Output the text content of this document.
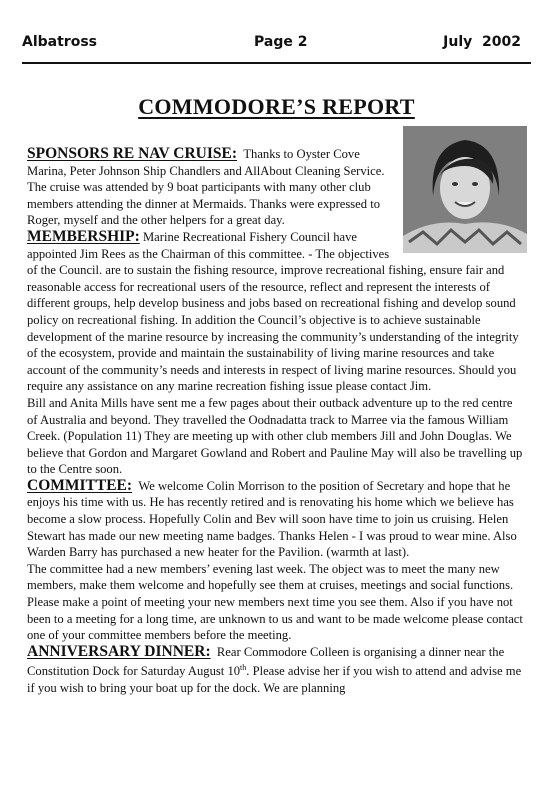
Albatross	Page 2	July  2002
COMMODORE’S REPORT

SPONSORS RE NAV CRUISE: Thanks to Oyster Cove Marina, Peter Johnson Ship Chandlers and AllAbout Cleaning Service. The cruise was attended by 9 boat participants with many other club members attending the dinner at Mermaids. Thanks were expressed to Roger, myself and the other helpers for a great day.

MEMBERSHIP: Marine Recreational Fishery Council have appointed Jim Rees as the Chairman of this committee. - The objectives of the Council. are to sustain the fishing resource, improve recreational fishing, ensure fair and reasonable access for recreational users of the resource, reflect and represent the interests of different groups, help develop business and jobs based on recreational fishing and develop sound policy on recreational fishing. In addition the Council’s objective is to achieve sustainable development of the marine resource by increasing the community’s understanding of the integrity of the ecosystem, provide and maintain the sustainability of living marine resources and take account of the community’s needs and interests in respect of living marine resources. Should you require any assistance on any marine recreation fishing issue please contact Jim.

Bill and Anita Mills have sent me a few pages about their outback adventure up to the red centre of Australia and beyond. They travelled the Oodnadatta track to Marree via the famous William Creek. (Population 11) They are meeting up with other club members Jill and John Douglas. We believe that Gordon and Margaret Gowland and Robert and Pauline May will also be travelling up to the Centre soon.

COMMITTEE: We welcome Colin Morrison to the position of Secretary and hope that he enjoys his time with us. He has recently retired and is renovating his home which we believe has become a slow process. Hopefully Colin and Bev will soon have time to join us cruising. Helen Stewart has made our new meeting name badges. Thanks Helen - I was proud to wear mine. Also Warden Barry has purchased a new heater for the Pavilion. (warmth at last).

The committee had a new members’ evening last week. The object was to meet the many new members, make them welcome and hopefully see them at cruises, meetings and social functions. Please make a point of meeting your new members next time you see them. Also if you have not been to a meeting for a long time, are unknown to us and want to be made welcome please contact one of your committee members before the meeting.

ANNIVERSARY DINNER: Rear Commodore Colleen is organising a dinner near the Constitution Dock for Saturday August 10th. Please advise her if you wish to attend and advise me if you wish to bring your boat up for the dock. We are planning
